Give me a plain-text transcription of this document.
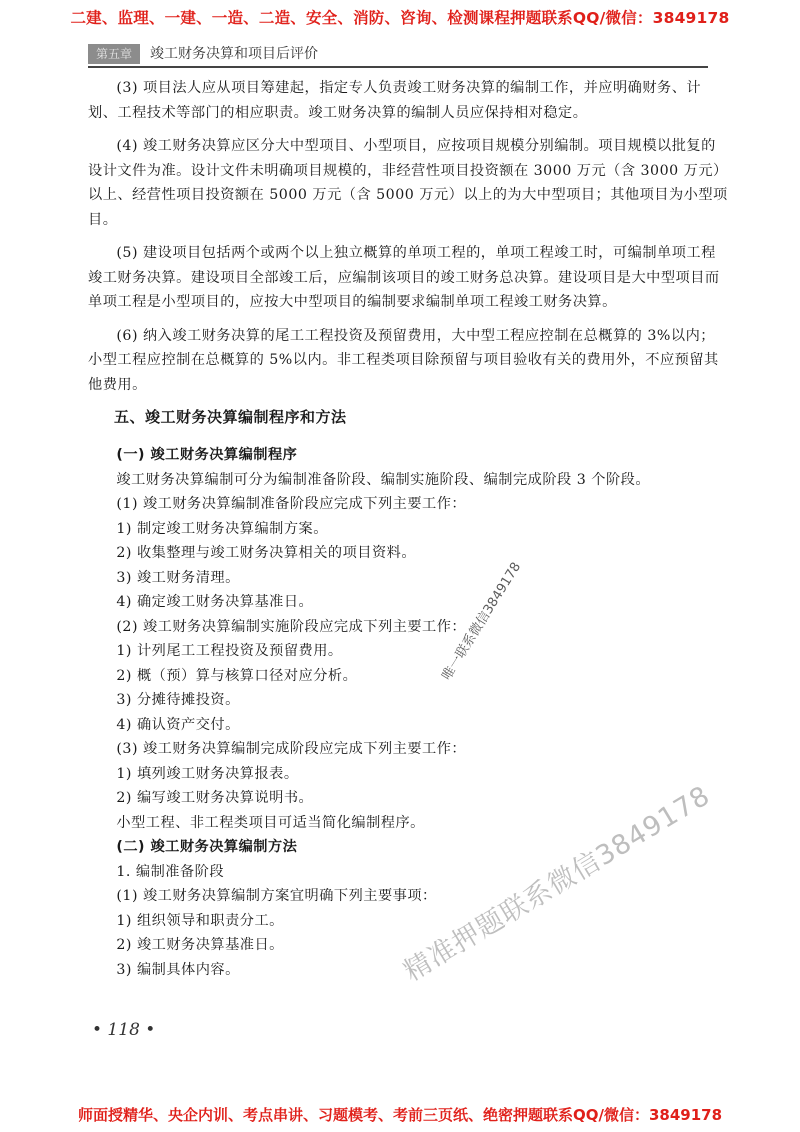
二建、监理、一建、一造、二造、安全、消防、咨询、检测课程押题联系QQ/微信：3849178
第五章	竣工财务决算和项目后评价

(3) 项目法人应从项目筹建起，指定专人负责竣工财务决算的编制工作，并应明确财务、计划、工程技术等部门的相应职责。竣工财务决算的编制人员应保持相对稳定。

(4) 竣工财务决算应区分大中型项目、小型项目，应按项目规模分别编制。项目规模以批复的设计文件为准。设计文件未明确项目规模的，非经营性项目投资额在 3000 万元（含 3000 万元）以上、经营性项目投资额在 5000 万元（含 5000 万元）以上的为大中型项目；其他项目为小型项目。

(5) 建设项目包括两个或两个以上独立概算的单项工程的，单项工程竣工时，可编制单项工程竣工财务决算。建设项目全部竣工后，应编制该项目的竣工财务总决算。建设项目是大中型项目而单项工程是小型项目的，应按大中型项目的编制要求编制单项工程竣工财务决算。

(6) 纳入竣工财务决算的尾工工程投资及预留费用，大中型工程应控制在总概算的 3%以内；小型工程应控制在总概算的 5%以内。非工程类项目除预留与项目验收有关的费用外，不应预留其他费用。

五、竣工财务决算编制程序和方法

(一) 竣工财务决算编制程序

竣工财务决算编制可分为编制准备阶段、编制实施阶段、编制完成阶段 3 个阶段。

(1) 竣工财务决算编制准备阶段应完成下列主要工作：

1) 制定竣工财务决算编制方案。

2) 收集整理与竣工财务决算相关的项目资料。

3) 竣工财务清理。

4) 确定竣工财务决算基准日。

(2) 竣工财务决算编制实施阶段应完成下列主要工作：

1) 计列尾工工程投资及预留费用。

2) 概（预）算与核算口径对应分析。

3) 分摊待摊投资。

4) 确认资产交付。

(3) 竣工财务决算编制完成阶段应完成下列主要工作：

1) 填列竣工财务决算报表。

2) 编写竣工财务决算说明书。

小型工程、非工程类项目可适当简化编制程序。

(二) 竣工财务决算编制方法

1. 编制准备阶段

(1) 竣工财务决算编制方案宜明确下列主要事项：

1) 组织领导和职责分工。

2) 竣工财务决算基准日。

3) 编制具体内容。

• 118 •
唯一联系微信3849178
精准押题联系微信3849178
师面授精华、央企内训、考点串讲、习题模考、考前三页纸、绝密押题联系QQ/微信：3849178
